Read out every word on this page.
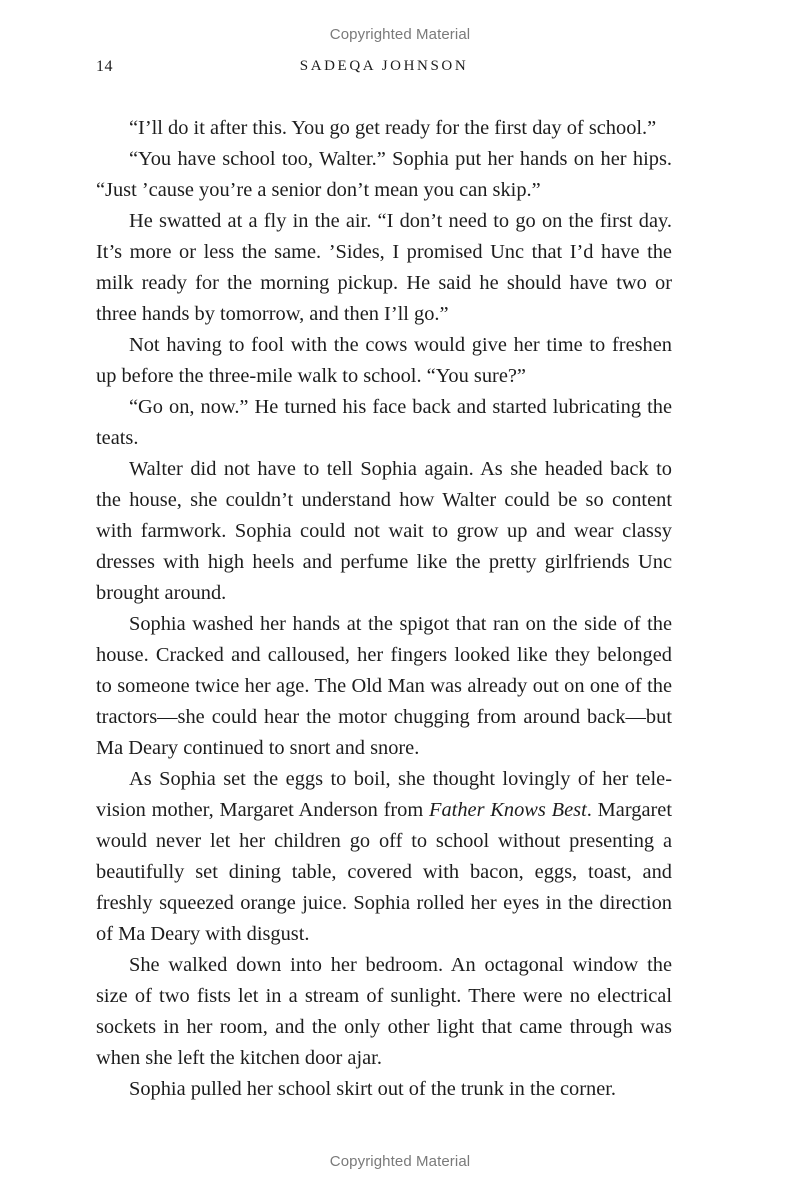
Copyrighted Material
14	SADEQA JOHNSON

“I’ll do it after this. You go get ready for the first day of school.”

“You have school too, Walter.” Sophia put her hands on her hips. “Just ’cause you’re a senior don’t mean you can skip.”

He swatted at a fly in the air. “I don’t need to go on the first day. It’s more or less the same. ’Sides, I promised Unc that I’d have the milk ready for the morning pickup. He said he should have two or three hands by tomorrow, and then I’ll go.”

Not having to fool with the cows would give her time to freshen up before the three-mile walk to school. “You sure?”

“Go on, now.” He turned his face back and started lubricating the teats.

Walter did not have to tell Sophia again. As she headed back to the house, she couldn’t understand how Walter could be so content with farmwork. Sophia could not wait to grow up and wear classy dresses with high heels and perfume like the pretty girlfriends Unc brought around.

Sophia washed her hands at the spigot that ran on the side of the house. Cracked and calloused, her fingers looked like they belonged to someone twice her age. The Old Man was already out on one of the tractors—she could hear the motor chugging from around back—but Ma Deary continued to snort and snore.

As Sophia set the eggs to boil, she thought lovingly of her television mother, Margaret Anderson from Father Knows Best. Margaret would never let her children go off to school without presenting a beautifully set dining table, covered with bacon, eggs, toast, and freshly squeezed orange juice. Sophia rolled her eyes in the direction of Ma Deary with disgust.

She walked down into her bedroom. An octagonal window the size of two fists let in a stream of sunlight. There were no electrical sockets in her room, and the only other light that came through was when she left the kitchen door ajar.

Sophia pulled her school skirt out of the trunk in the corner.

Copyrighted Material
